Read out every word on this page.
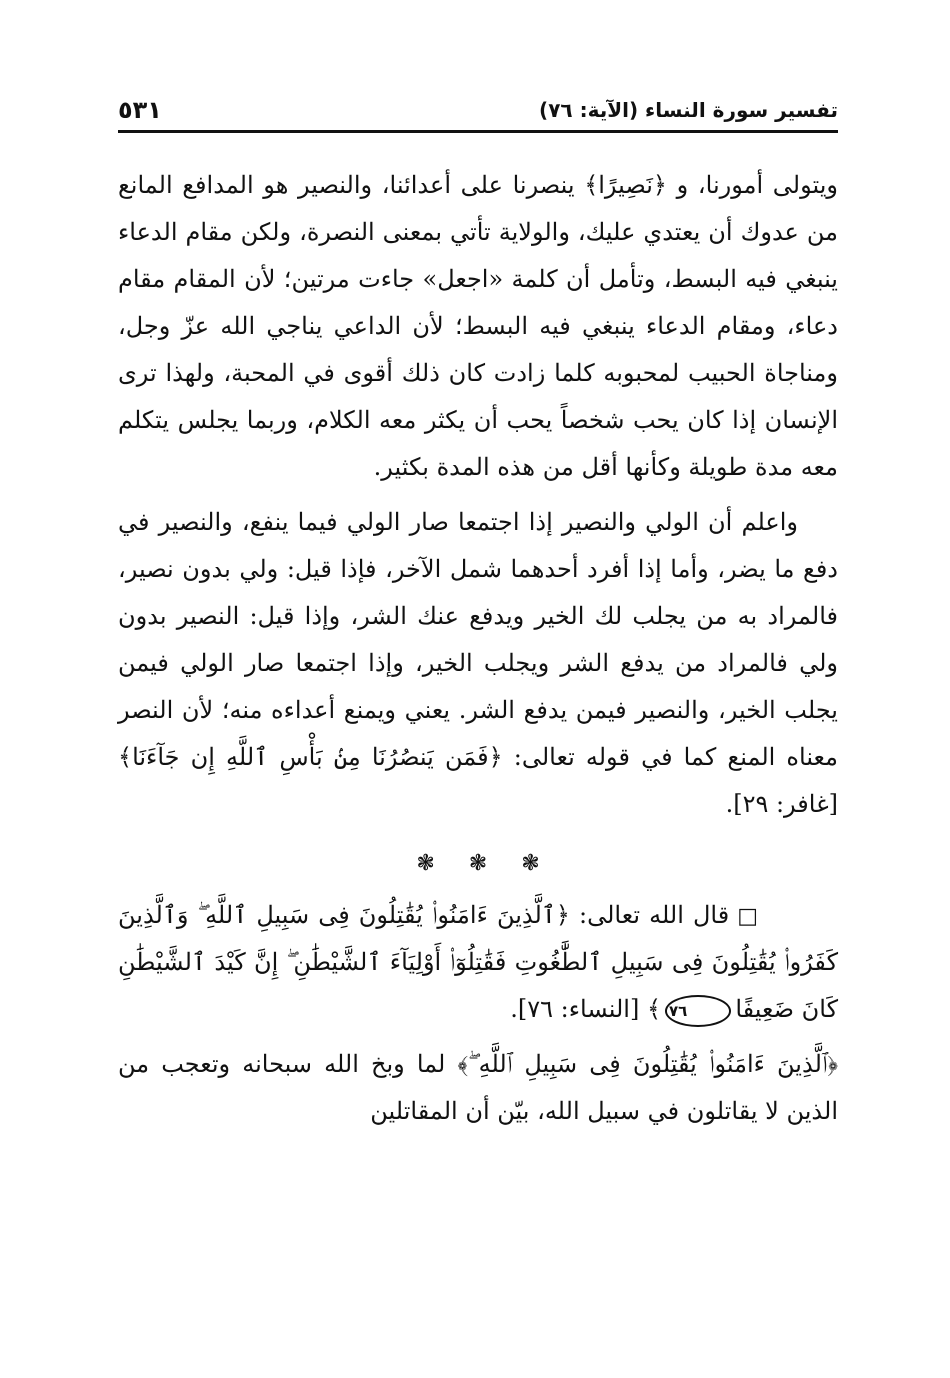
تفسير سورة النساء (الآية: ٧٦)
٥٣١

ويتولى أمورنا، و ﴿نَصِيرًا﴾ ينصرنا على أعدائنا، والنصير هو المدافع المانع من عدوك أن يعتدي عليك، والولاية تأتي بمعنى النصرة، ولكن مقام الدعاء ينبغي فيه البسط، وتأمل أن كلمة «اجعل» جاءت مرتين؛ لأن المقام مقام دعاء، ومقام الدعاء ينبغي فيه البسط؛ لأن الداعي يناجي الله عزّ وجل، ومناجاة الحبيب لمحبوبه كلما زادت كان ذلك أقوى في المحبة، ولهذا ترى الإنسان إذا كان يحب شخصاً يحب أن يكثر معه الكلام، وربما يجلس يتكلم معه مدة طويلة وكأنها أقل من هذه المدة بكثير.

واعلم أن الولي والنصير إذا اجتمعا صار الولي فيما ينفع، والنصير في دفع ما يضر، وأما إذا أفرد أحدهما شمل الآخر، فإذا قيل: ولي بدون نصير، فالمراد به من يجلب لك الخير ويدفع عنك الشر، وإذا قيل: النصير بدون ولي فالمراد من يدفع الشر ويجلب الخير، وإذا اجتمعا صار الولي فيمن يجلب الخير، والنصير فيمن يدفع الشر. يعني ويمنع أعداءه منه؛ لأن النصر معناه المنع كما في قوله تعالى: ﴿فَمَن يَنصُرُنَا مِنۢ بَأْسِ ٱللَّهِ إِن جَآءَنَا﴾ [غافر: ٢٩].

❃ ❃ ❃

□قال الله تعالى: ﴿ٱلَّذِينَ ءَامَنُوا۟ يُقَٰتِلُونَ فِى سَبِيلِ ٱللَّهِ ۖ وَٱلَّذِينَ كَفَرُوا۟ يُقَٰتِلُونَ فِى سَبِيلِ ٱلطَّٰغُوتِ فَقَٰتِلُوٓا۟ أَوْلِيَآءَ ٱلشَّيْطَٰنِ ۖ إِنَّ كَيْدَ ٱلشَّيْطَٰنِ كَانَ ضَعِيفًا٧٦﴾ [النساء: ٧٦].

﴿ٱلَّذِينَ ءَامَنُوا۟ يُقَٰتِلُونَ فِى سَبِيلِ ٱللَّهِ ۖ﴾ لما وبخ الله سبحانه وتعجب من الذين لا يقاتلون في سبيل الله، بيّن أن المقاتلين
